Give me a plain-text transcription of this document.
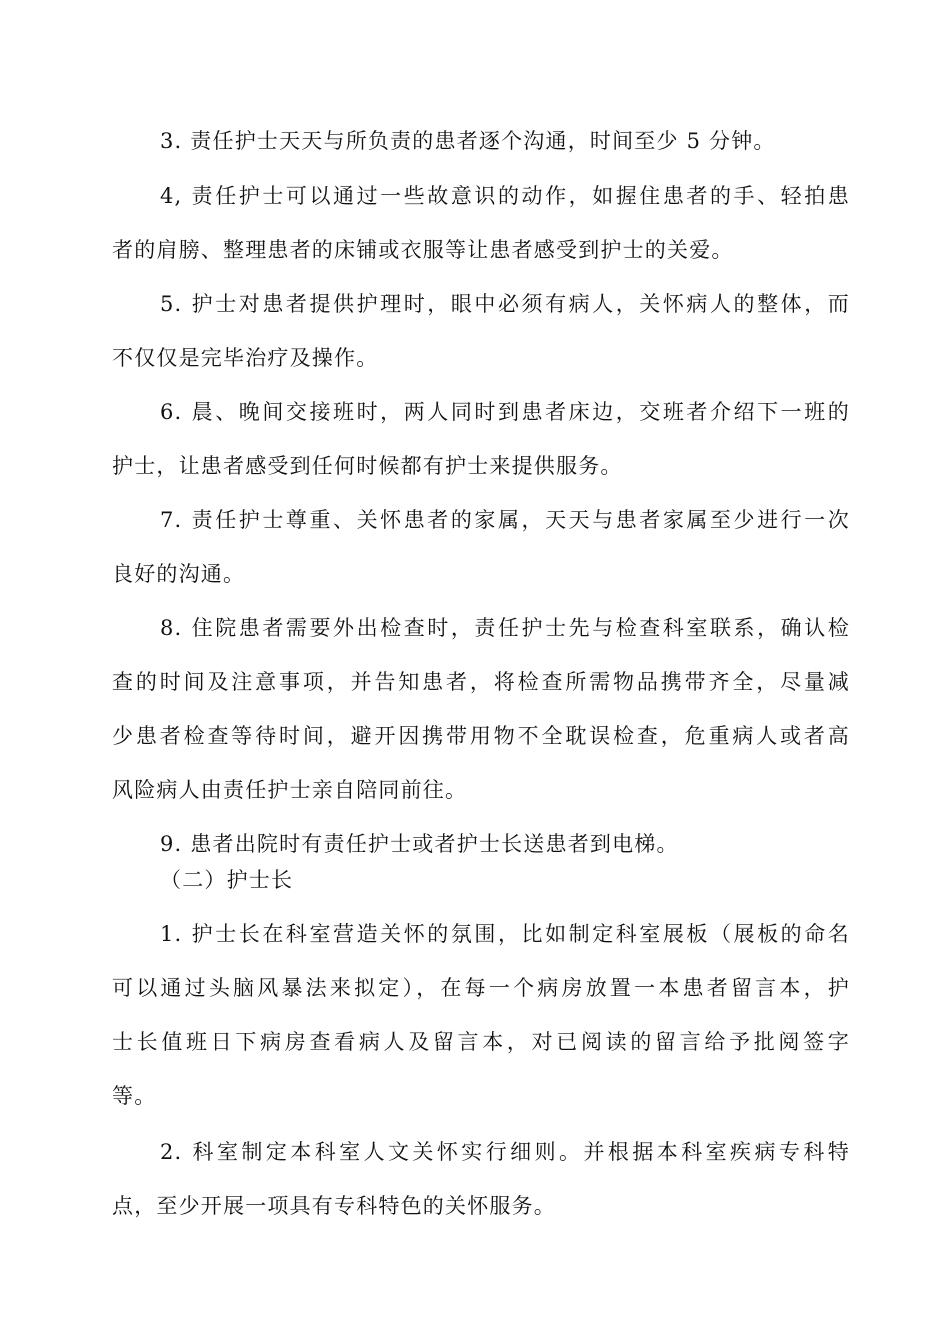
3. 责任护士天天与所负责的患者逐个沟通，时间至少 5 分钟。
4, 责任护士可以通过一些故意识的动作，如握住患者的手、轻拍患
者的肩膀、整理患者的床铺或衣服等让患者感受到护士的关爱。
5. 护士对患者提供护理时，眼中必须有病人，关怀病人的整体，而
不仅仅是完毕治疗及操作。
6. 晨、晚间交接班时，两人同时到患者床边，交班者介绍下一班的
护士，让患者感受到任何时候都有护士来提供服务。
7. 责任护士尊重、关怀患者的家属，天天与患者家属至少进行一次
良好的沟通。
8. 住院患者需要外出检查时，责任护士先与检查科室联系，确认检
查的时间及注意事项，并告知患者，将检查所需物品携带齐全，尽量减
少患者检查等待时间，避开因携带用物不全耽误检查，危重病人或者高
风险病人由责任护士亲自陪同前往。
9. 患者出院时有责任护士或者护士长送患者到电梯。
（二）护士长
1. 护士长在科室营造关怀的氛围，比如制定科室展板（展板的命名
可以通过头脑风暴法来拟定），在每一个病房放置一本患者留言本，护
士长值班日下病房查看病人及留言本，对已阅读的留言给予批阅签字
等。
2. 科室制定本科室人文关怀实行细则。并根据本科室疾病专科特
点，至少开展一项具有专科特色的关怀服务。
